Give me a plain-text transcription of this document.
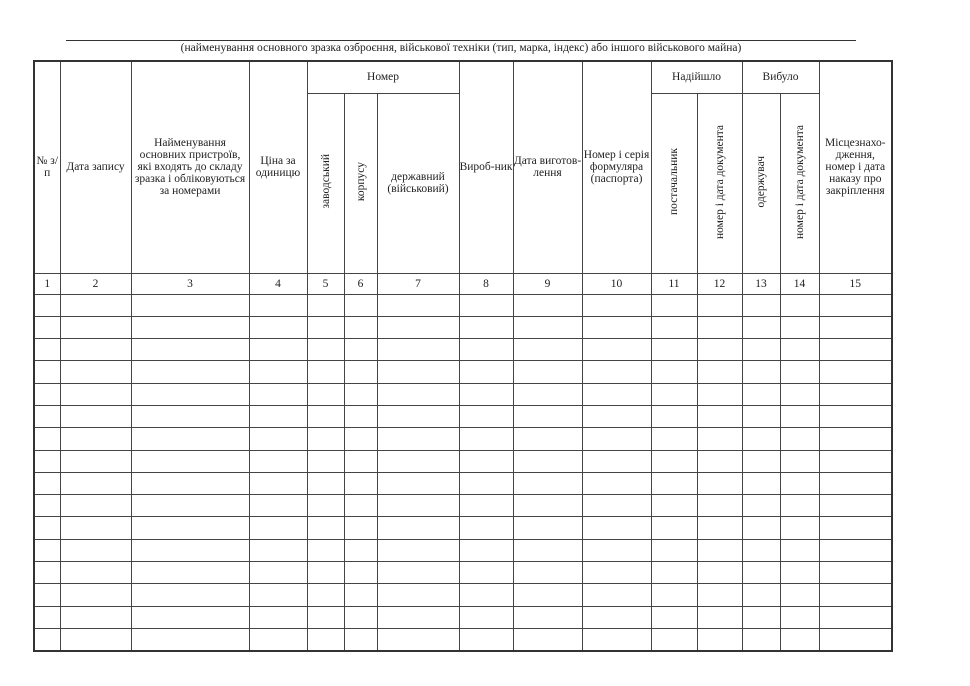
(найменування основного зразка озброєння, військової техніки (тип, марка, індекс) або іншого військового майна)
№ з/п	Дата запису	Найменування основних пристроїв, які входять до складу зразка і обліковуються за номерами	Ціна за одиницю	Номер			Вироб-ник	Дата виготов-лення	Номер і серія формуляра (паспорта)	Надійшло		Вибуло		Місцезнахо-дження, номер і дата наказу про закріплення
				заводський	корпусу	державний (військовий)				постачальник	номер і дата документа	одержувач	номер і дата документа	
1	2	3	4	5	6	7	8	9	10	11	12	13	14	15
